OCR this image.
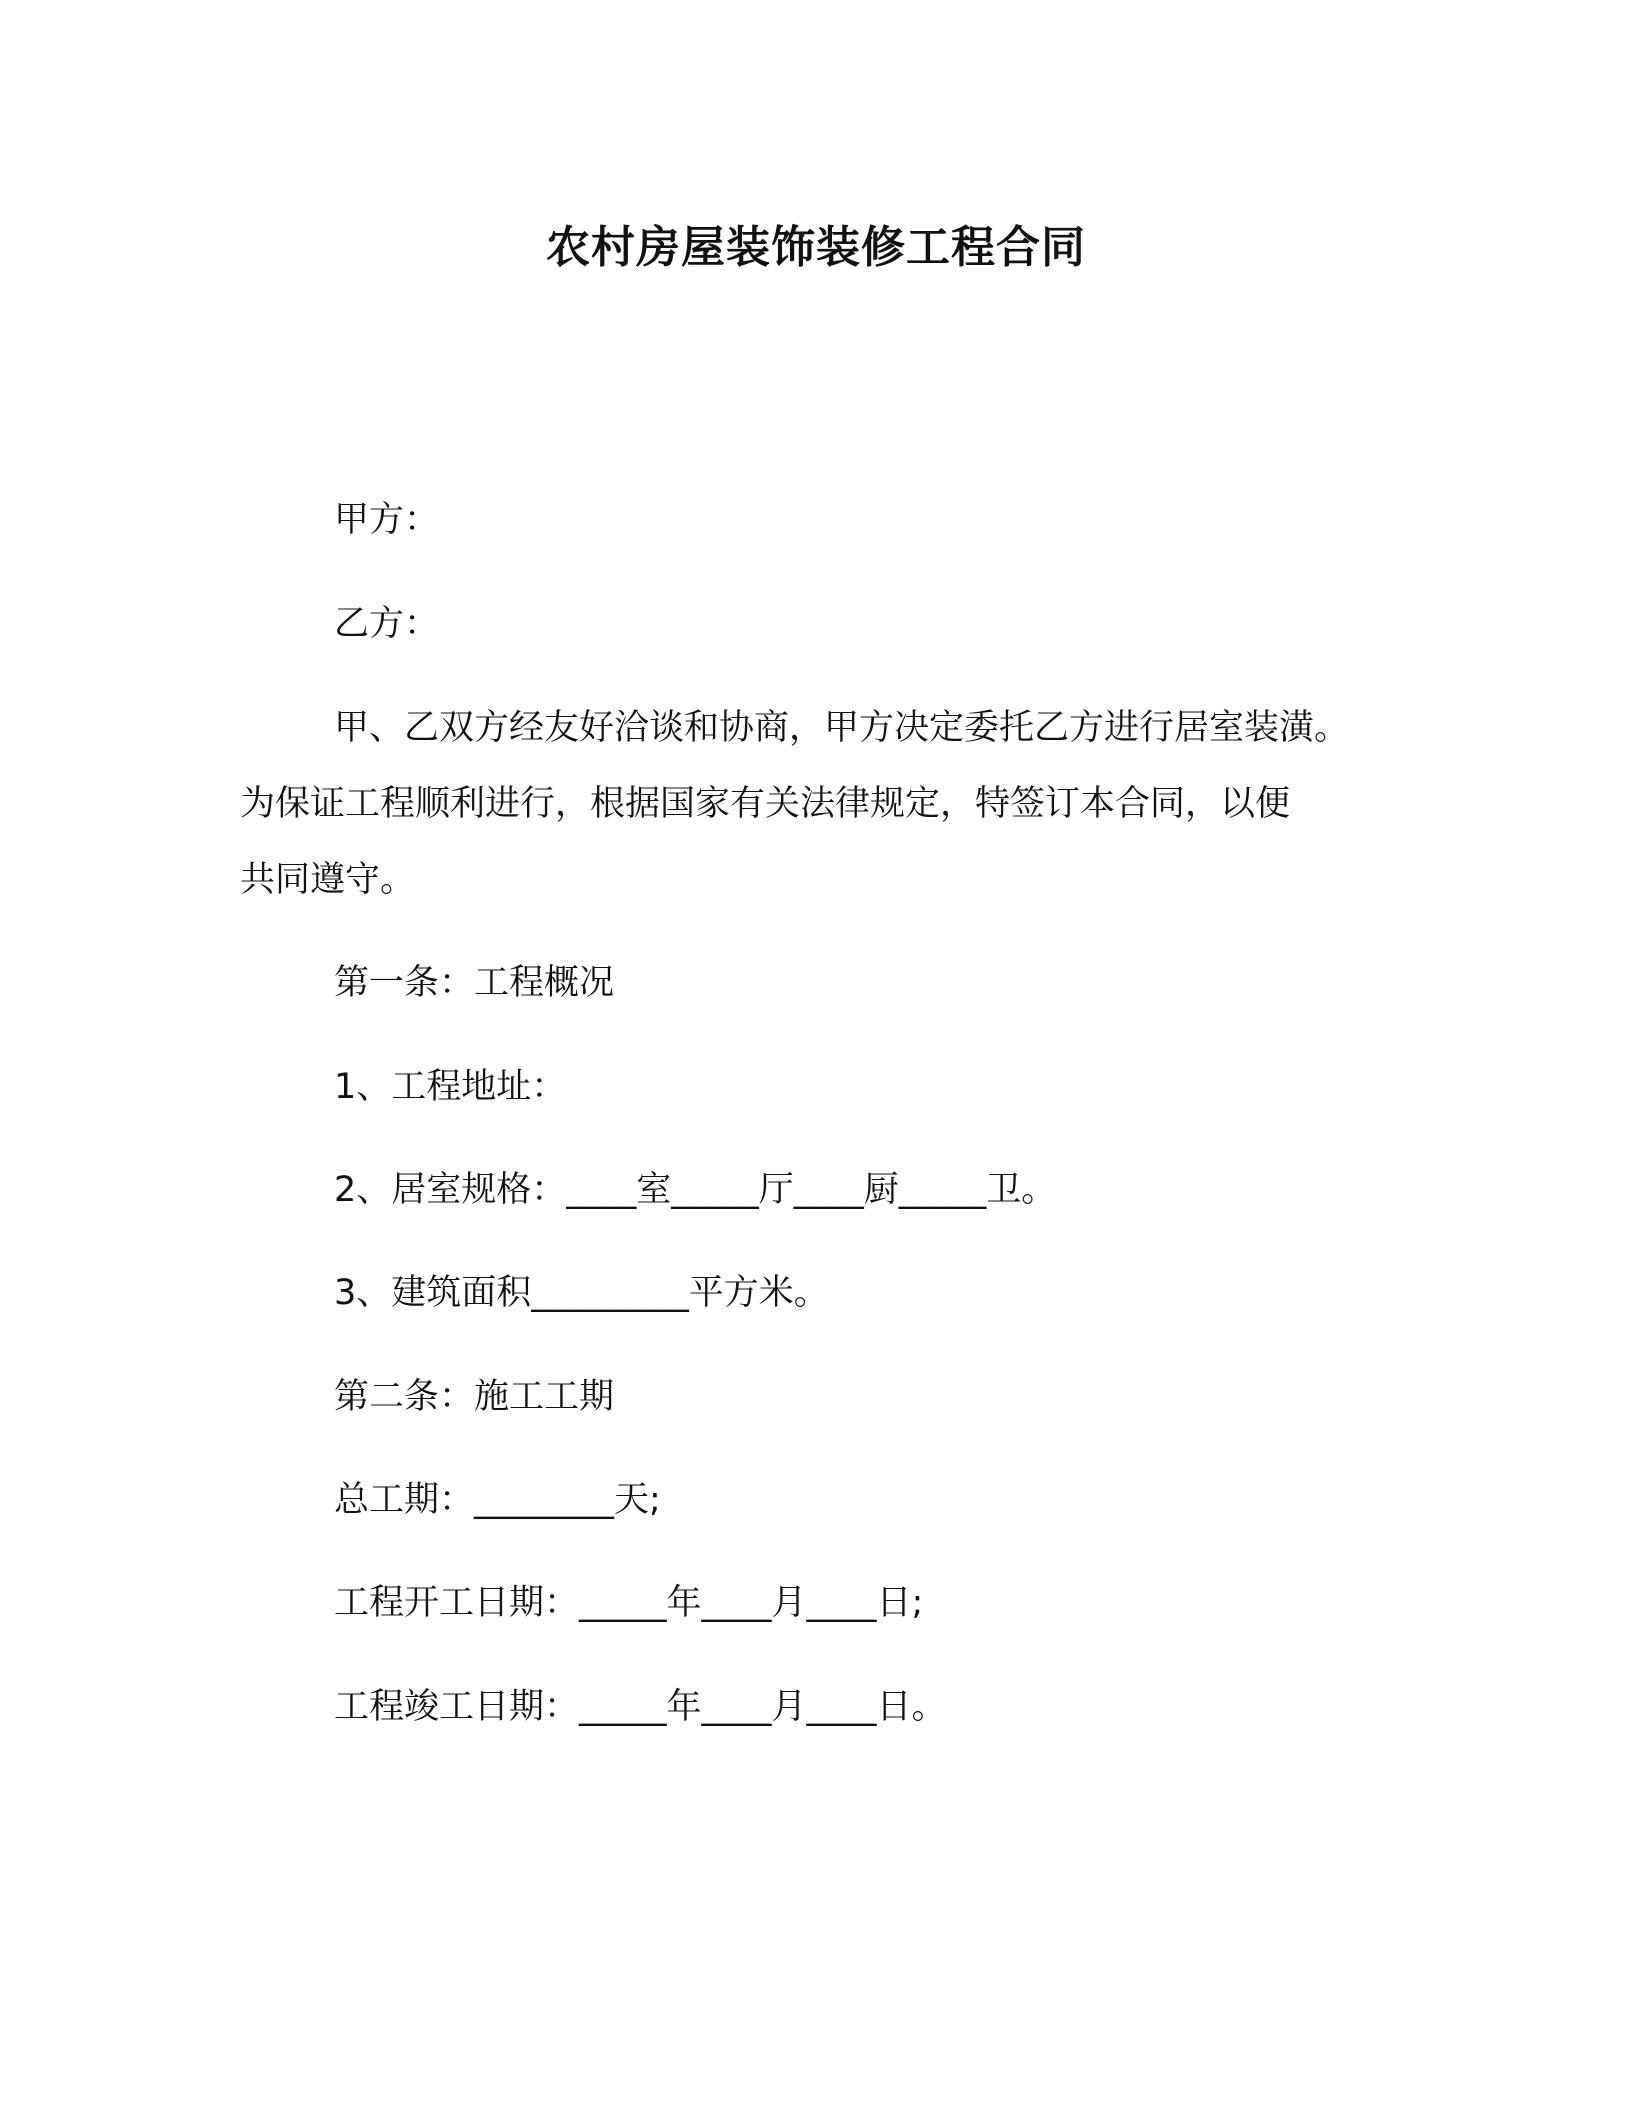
农村房屋装饰装修工程合同

甲方：

乙方：

甲、乙双方经友好洽谈和协商，甲方决定委托乙方进行居室装潢。

为保证工程顺利进行，根据国家有关法律规定，特签订本合同，以便

共同遵守。

第一条：工程概况

1、工程地址：

2、居室规格：____室_____厅____厨_____卫。

3、建筑面积_________平方米。

第二条：施工工期

总工期：________天;

工程开工日期：_____年____月____日;

工程竣工日期：_____年____月____日。
